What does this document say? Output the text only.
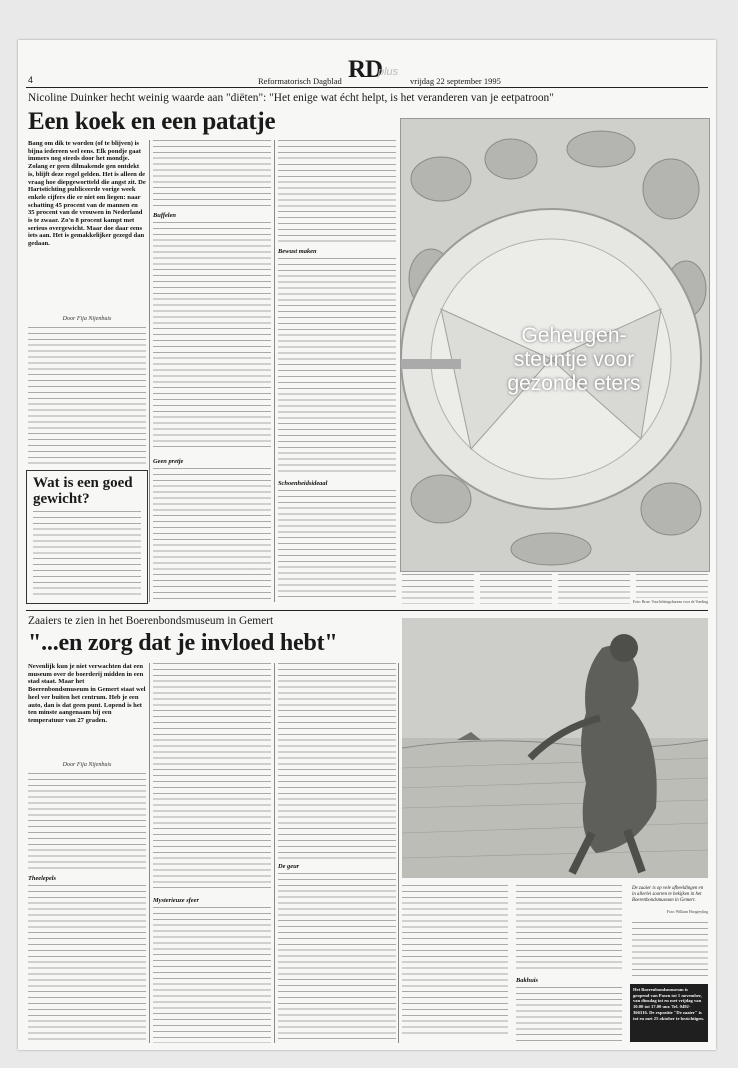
4	Reformatorisch Dagblad RD
plus
vrijdag 22 september 1995
Nicoline Duinker hecht weinig waarde aan "diëten": "Het enige wat écht helpt, is het veranderen van je eetpatroon"
Een koek en een patatje
Bang om dik te worden (of te blijven) is bijna iedereen wel eens. Elk pondje gaat immers nog steeds door het mondje. Zolang er geen dilmakende gen ontdekt is, blijft deze regel gelden. Het is alleen de vraag hoe diepgewortteld die angst zit. De Hartstichting publiceerde vorige week enkele cijfers die er niet om liegen: naar schatting 45 procent van de mannen en 35 procent van de vrouwen in Nederland is te zwaar. Zo'n 8 procent kampt met serieus overgewicht. Maar doe daar eens iets aan. Het is gemakkelijker gezegd dan gedaan.
Door Fija Nijenbuis
Wat is een goed gewicht?
Buffelen
Geen pretje
Geheugen-steuntje voor gezonde eters
Bewust maken
Schoenheidsideaal
Foto: Bron: Voorlichtingsbureau voor de Voeding
Zaaiers te zien in het Boerenbondsmuseum in Gemert
"...en zorg dat je invloed hebt"
Nevenlijk kun je niet verwachten dat een museum over de boerderij midden in een stad staat. Maar het Boerenbondsmuseum in Gemert staat wel heel ver buiten het centrum. Heb je een auto, dan is dat geen punt. Lopend is het ten minste aangenaam bij een temperatuur van 27 graden.
Door Fija Nijenbuis
Theelepels
Mysterieuze sfeer
De geur
Bakhuis
De zaaier is op vele afbeeldingen en in allerlei soorten te bekijken in het Boerenbondsmuseum in Gemert.
Foto: William Hoogteyling
Het Boerenbondsmuseum is geopend van Pasen tot 1 november, van dinsdag tot en met vrijdag van 10.00 tot 17.00 uur. Tel. 0492-366316. De expositie "De zaaier" is tot en met 25 oktober te bezichtigen.
